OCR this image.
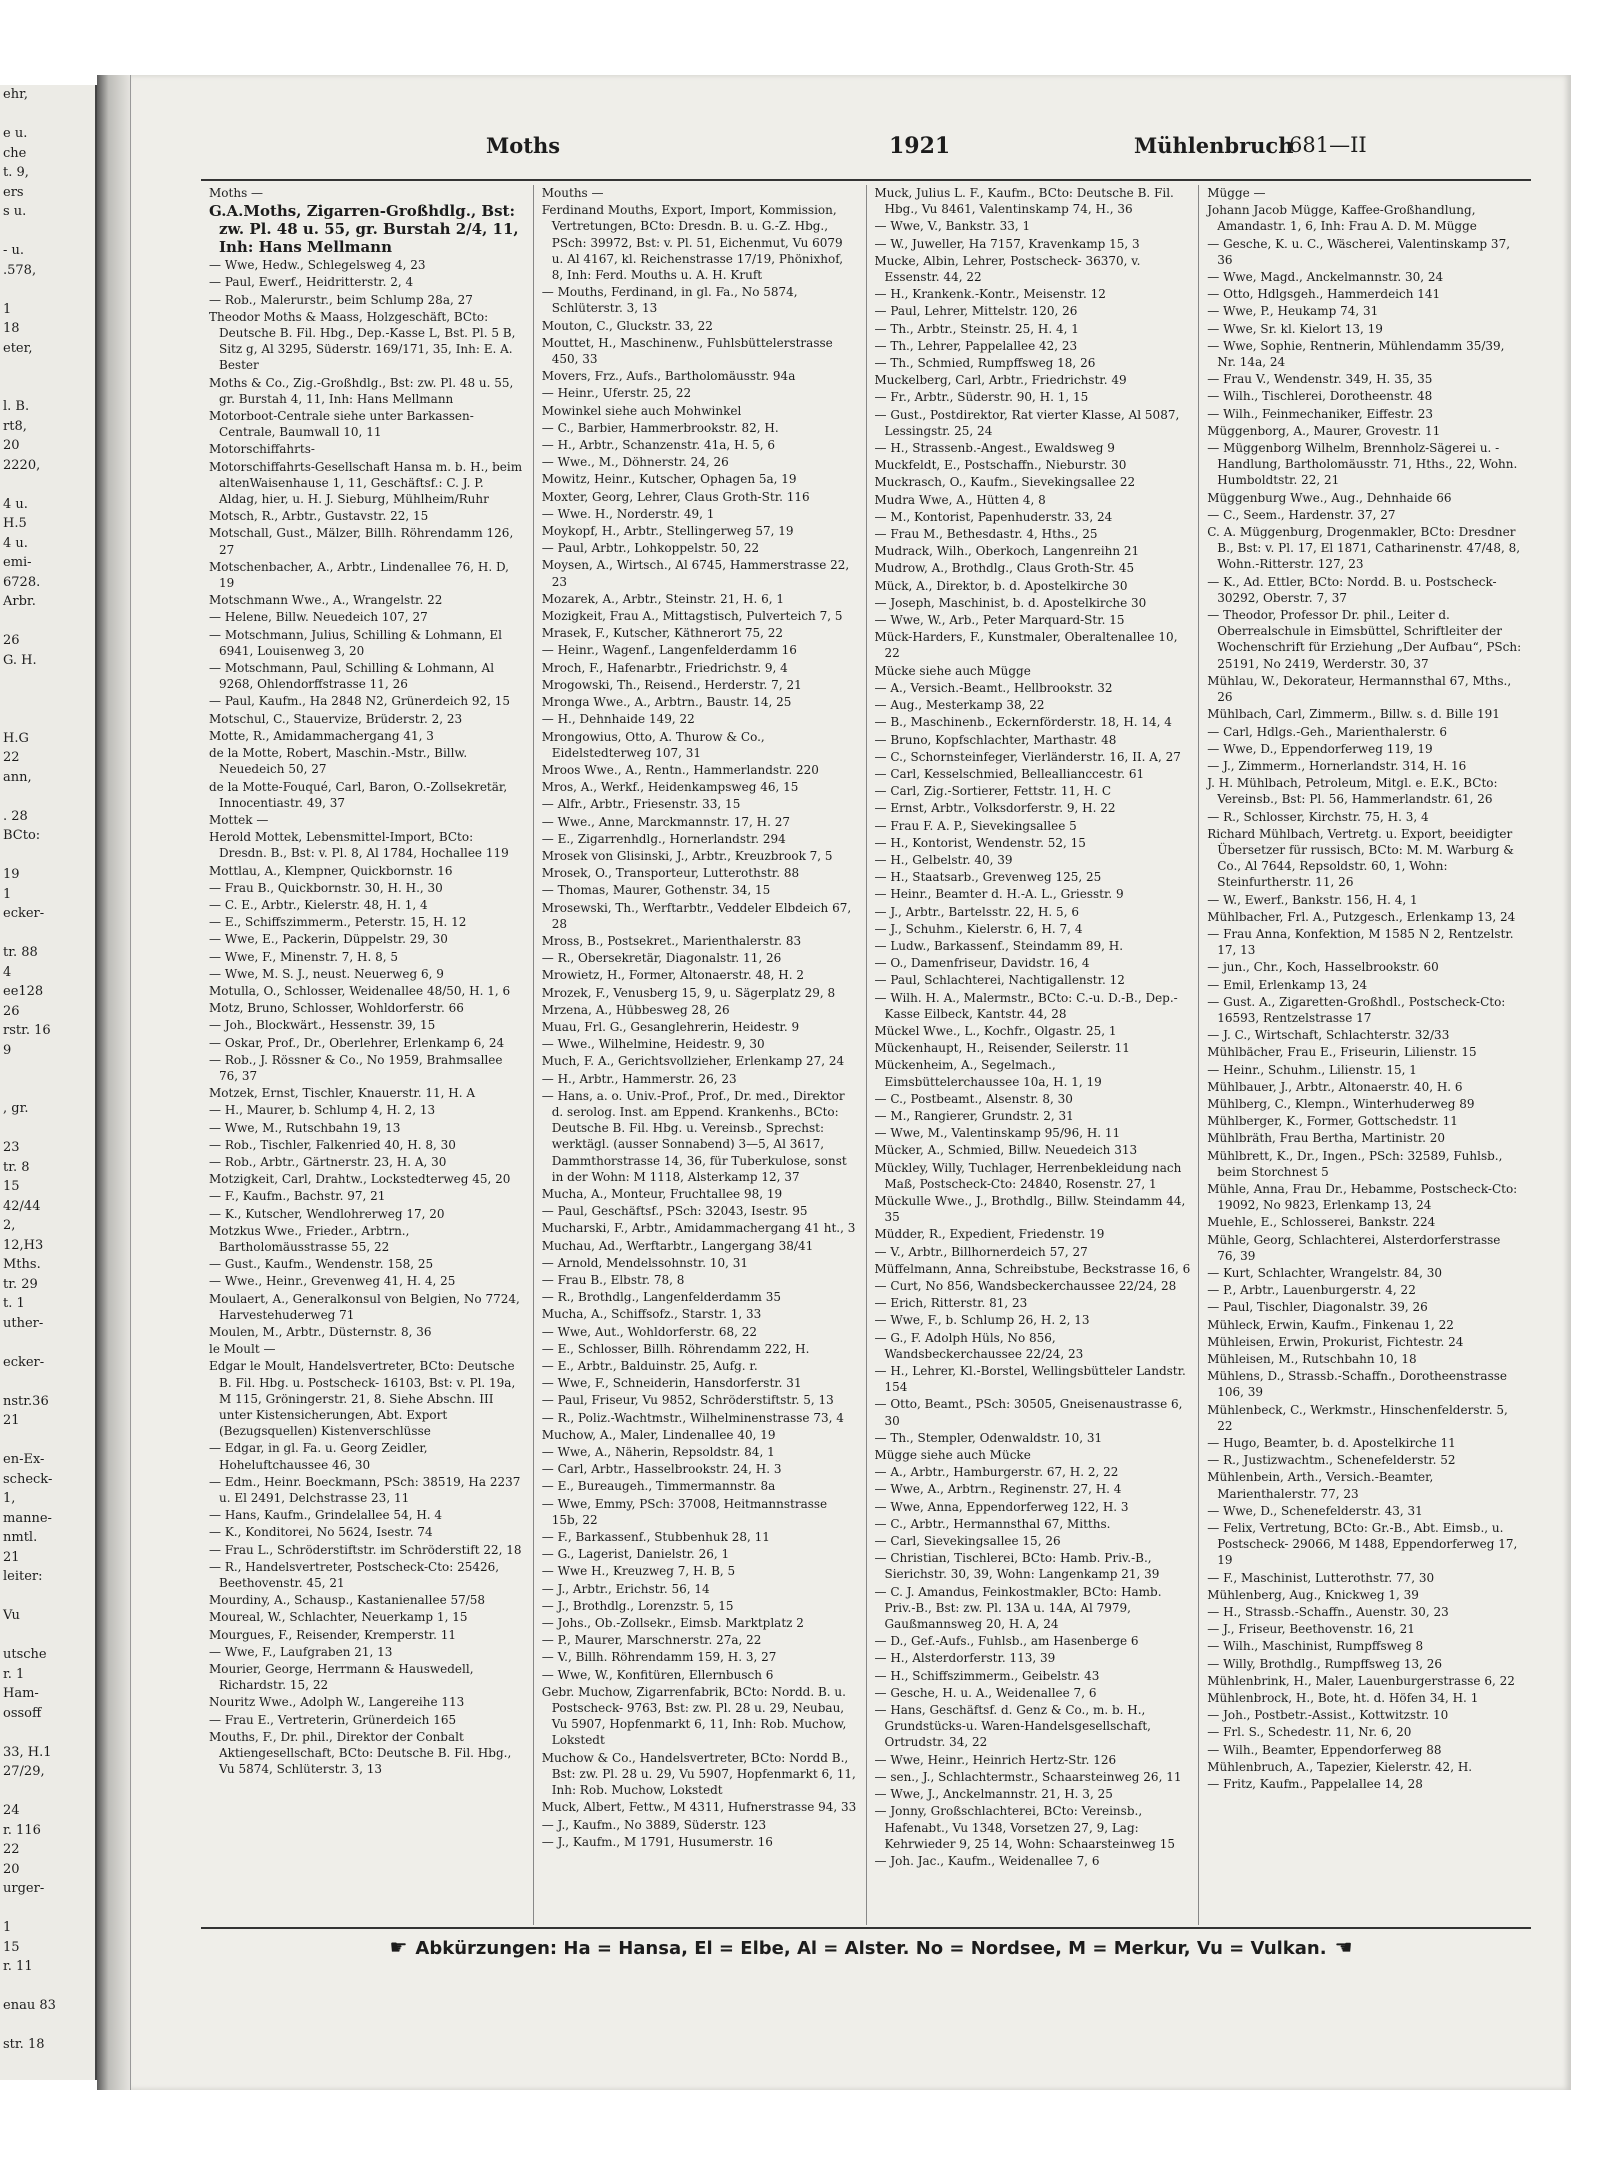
ehr,

e u.
che
t. 9,
ers
s u.

- u.
.578,

1
18
eter,

l. B.
rt8,
20
2220,

4 u.
H.5
4 u.
emi-
6728.
Arbr.

26
G. H.

H.G
22
ann,

. 28
BCto:

19
1
ecker-

tr. 88
4
ee128
26
rstr. 16
9

, gr.

23
tr. 8
15
42/44
2,
12,H3
Mths.
tr. 29
t. 1
uther-

ecker-

nstr.36
21

en-Ex-
scheck-
1,
manne-
nmtl.
21
leiter:

Vu

utsche
r. 1
Ham-
ossoff

33, H.1
27/29,

24
r. 116
22
20
urger-

1
15
r. 11

enau 83

str. 18
Moths	1921	Mühlenbruch
681—II
Moths —
G.A.Moths, Zigarren-Großhdlg., Bst: zw. Pl. 48 u. 55, gr. Burstah 2/4, 11, Inh: Hans Mellmann
— Wwe, Hedw., Schlegelsweg 4, 23
— Paul, Ewerf., Heidritterstr. 2, 4
— Rob., Malerurstr., beim Schlump 28a, 27
Theodor Moths & Maass, Holzgeschäft, BCto: Deutsche B. Fil. Hbg., Dep.-Kasse L, Bst. Pl. 5 B, Sitz g, Al 3295, Süderstr. 169/171, 35, Inh: E. A. Bester
Moths & Co., Zig.-Großhdlg., Bst: zw. Pl. 48 u. 55, gr. Burstah 4, 11, Inh: Hans Mellmann
Motorboot-Centrale siehe unter Barkassen-Centrale, Baumwall 10, 11
Motorschiffahrts-
Motorschiffahrts-Gesellschaft Hansa m. b. H., beim altenWaisenhause 1, 11, Geschäftsf.: C. J. P. Aldag, hier, u. H. J. Sieburg, Mühlheim/Ruhr
Motsch, R., Arbtr., Gustavstr. 22, 15
Motschall, Gust., Mälzer, Billh. Röhrendamm 126, 27
Motschenbacher, A., Arbtr., Lindenallee 76, H. D, 19
Motschmann Wwe., A., Wrangelstr. 22
— Helene, Billw. Neuedeich 107, 27
— Motschmann, Julius, Schilling & Lohmann, El 6941, Louisenweg 3, 20
— Motschmann, Paul, Schilling & Lohmann, Al 9268, Ohlendorffstrasse 11, 26
— Paul, Kaufm., Ha 2848 N2, Grünerdeich 92, 15
Motschul, C., Stauervize, Brüderstr. 2, 23
Motte, R., Amidammachergang 41, 3
de la Motte, Robert, Maschin.-Mstr., Billw. Neuedeich 50, 27
de la Motte-Fouqué, Carl, Baron, O.-Zollsekretär, Innocentiastr. 49, 37
Mottek —
Herold Mottek, Lebensmittel-Import, BCto: Dresdn. B., Bst: v. Pl. 8, Al 1784, Hochallee 119
Mottlau, A., Klempner, Quickbornstr. 16
— Frau B., Quickbornstr. 30, H. H., 30
— C. E., Arbtr., Kielerstr. 48, H. 1, 4
— E., Schiffszimmerm., Peterstr. 15, H. 12
— Wwe, E., Packerin, Düppelstr. 29, 30
— Wwe, F., Minenstr. 7, H. 8, 5
— Wwe, M. S. J., neust. Neuerweg 6, 9
Motulla, O., Schlosser, Weidenallee 48/50, H. 1, 6
Motz, Bruno, Schlosser, Wohldorferstr. 66
— Joh., Blockwärt., Hessenstr. 39, 15
— Oskar, Prof., Dr., Oberlehrer, Erlenkamp 6, 24
— Rob., J. Rössner & Co., No 1959, Brahmsallee 76, 37
Motzek, Ernst, Tischler, Knauerstr. 11, H. A
— H., Maurer, b. Schlump 4, H. 2, 13
— Wwe, M., Rutschbahn 19, 13
— Rob., Tischler, Falkenried 40, H. 8, 30
— Rob., Arbtr., Gärtnerstr. 23, H. A, 30
Motzigkeit, Carl, Drahtw., Lockstedterweg 45, 20
— F., Kaufm., Bachstr. 97, 21
— K., Kutscher, Wendlohrerweg 17, 20
Motzkus Wwe., Frieder., Arbtrn., Bartholomäusstrasse 55, 22
— Gust., Kaufm., Wendenstr. 158, 25
— Wwe., Heinr., Grevenweg 41, H. 4, 25
Moulaert, A., Generalkonsul von Belgien, No 7724, Harvestehuderweg 71
Moulen, M., Arbtr., Düsternstr. 8, 36
le Moult —
Edgar le Moult, Handelsvertreter, BCto: Deutsche B. Fil. Hbg. u. Postscheck- 16103, Bst: v. Pl. 19a, M 115, Gröningerstr. 21, 8. Siehe Abschn. III unter Kistensicherungen, Abt. Export (Bezugsquellen) Kistenverschlüsse
— Edgar, in gl. Fa. u. Georg Zeidler, Hoheluftchaussee 46, 30
— Edm., Heinr. Boeckmann, PSch: 38519, Ha 2237 u. El 2491, Delchstrasse 23, 11
— Hans, Kaufm., Grindelallee 54, H. 4
— K., Konditorei, No 5624, Isestr. 74
— Frau L., Schröderstiftstr. im Schröderstift 22, 18
— R., Handelsvertreter, Postscheck-Cto: 25426, Beethovenstr. 45, 21
Mourdiny, A., Schausp., Kastanienallee 57/58
Moureal, W., Schlachter, Neuerkamp 1, 15
Mourgues, F., Reisender, Kremperstr. 11
— Wwe, F., Laufgraben 21, 13
Mourier, George, Herrmann & Hauswedell, Richardstr. 15, 22
Nouritz Wwe., Adolph W., Langereihe 113
— Frau E., Vertreterin, Grünerdeich 165
Mouths, F., Dr. phil., Direktor der Conbalt Aktiengesellschaft, BCto: Deutsche B. Fil. Hbg., Vu 5874, Schlüterstr. 3, 13
Mouths —
Ferdinand Mouths, Export, Import, Kommission, Vertretungen, BCto: Dresdn. B. u. G.-Z. Hbg., PSch: 39972, Bst: v. Pl. 51, Eichenmut, Vu 6079 u. Al 4167, kl. Reichenstrasse 17/19, Phönixhof, 8, Inh: Ferd. Mouths u. A. H. Kruft
— Mouths, Ferdinand, in gl. Fa., No 5874, Schlüterstr. 3, 13
Mouton, C., Gluckstr. 33, 22
Mouttet, H., Maschinenw., Fuhlsbüttelerstrasse 450, 33
Movers, Frz., Aufs., Bartholomäusstr. 94a
— Heinr., Uferstr. 25, 22
Mowinkel siehe auch Mohwinkel
— C., Barbier, Hammerbrookstr. 82, H.
— H., Arbtr., Schanzenstr. 41a, H. 5, 6
— Wwe., M., Döhnerstr. 24, 26
Mowitz, Heinr., Kutscher, Ophagen 5a, 19
Moxter, Georg, Lehrer, Claus Groth-Str. 116
— Wwe. H., Norderstr. 49, 1
Moykopf, H., Arbtr., Stellingerweg 57, 19
— Paul, Arbtr., Lohkoppelstr. 50, 22
Moysen, A., Wirtsch., Al 6745, Hammerstrasse 22, 23
Mozarek, A., Arbtr., Steinstr. 21, H. 6, 1
Mozigkeit, Frau A., Mittagstisch, Pulverteich 7, 5
Mrasek, F., Kutscher, Käthnerort 75, 22
— Heinr., Wagenf., Langenfelderdamm 16
Mroch, F., Hafenarbtr., Friedrichstr. 9, 4
Mrogowski, Th., Reisend., Herderstr. 7, 21
Mronga Wwe., A., Arbtrn., Baustr. 14, 25
— H., Dehnhaide 149, 22
Mrongowius, Otto, A. Thurow & Co., Eidelstedterweg 107, 31
Mroos Wwe., A., Rentn., Hammerlandstr. 220
Mros, A., Werkf., Heidenkampsweg 46, 15
— Alfr., Arbtr., Friesenstr. 33, 15
— Wwe., Anne, Marckmannstr. 17, H. 27
— E., Zigarrenhdlg., Hornerlandstr. 294
Mrosek von Glisinski, J., Arbtr., Kreuzbrook 7, 5
Mrosek, O., Transporteur, Lutterothstr. 88
— Thomas, Maurer, Gothenstr. 34, 15
Mrosewski, Th., Werftarbtr., Veddeler Elbdeich 67, 28
Mross, B., Postsekret., Marienthalerstr. 83
— R., Obersekretär, Diagonalstr. 11, 26
Mrowietz, H., Former, Altonaerstr. 48, H. 2
Mrozek, F., Venusberg 15, 9, u. Sägerplatz 29, 8
Mrzena, A., Hübbesweg 28, 26
Muau, Frl. G., Gesanglehrerin, Heidestr. 9
— Wwe., Wilhelmine, Heidestr. 9, 30
Much, F. A., Gerichtsvollzieher, Erlenkamp 27, 24
— H., Arbtr., Hammerstr. 26, 23
— Hans, a. o. Univ.-Prof., Prof., Dr. med., Direktor d. serolog. Inst. am Eppend. Krankenhs., BCto: Deutsche B. Fil. Hbg. u. Vereinsb., Sprechst: werktägl. (ausser Sonnabend) 3—5, Al 3617, Dammthorstrasse 14, 36, für Tuberkulose, sonst in der Wohn: M 1118, Alsterkamp 12, 37
Mucha, A., Monteur, Fruchtallee 98, 19
— Paul, Geschäftsf., PSch: 32043, Isestr. 95
Mucharski, F., Arbtr., Amidammachergang 41 ht., 3
Muchau, Ad., Werftarbtr., Langergang 38/41
— Arnold, Mendelssohnstr. 10, 31
— Frau B., Elbstr. 78, 8
— R., Brothdlg., Langenfelderdamm 35
Mucha, A., Schiffsofz., Starstr. 1, 33
— Wwe, Aut., Wohldorferstr. 68, 22
— E., Schlosser, Billh. Röhrendamm 222, H.
— E., Arbtr., Balduinstr. 25, Aufg. r.
— Wwe, F., Schneiderin, Hansdorferstr. 31
— Paul, Friseur, Vu 9852, Schröderstiftstr. 5, 13
— R., Poliz.-Wachtmstr., Wilhelminenstrasse 73, 4
Muchow, A., Maler, Lindenallee 40, 19
— Wwe, A., Näherin, Repsoldstr. 84, 1
— Carl, Arbtr., Hasselbrookstr. 24, H. 3
— E., Bureaugeh., Timmermannstr. 8a
— Wwe, Emmy, PSch: 37008, Heitmannstrasse 15b, 22
— F., Barkassenf., Stubbenhuk 28, 11
— G., Lagerist, Danielstr. 26, 1
— Wwe H., Kreuzweg 7, H. B, 5
— J., Arbtr., Erichstr. 56, 14
— J., Brothdlg., Lorenzstr. 5, 15
— Johs., Ob.-Zollsekr., Eimsb. Marktplatz 2
— P., Maurer, Marschnerstr. 27a, 22
— V., Billh. Röhrendamm 159, H. 3, 27
— Wwe, W., Konfitüren, Ellernbusch 6
Gebr. Muchow, Zigarrenfabrik, BCto: Nordd. B. u. Postscheck- 9763, Bst: zw. Pl. 28 u. 29, Neubau, Vu 5907, Hopfenmarkt 6, 11, Inh: Rob. Muchow, Lokstedt
Muchow & Co., Handelsvertreter, BCto: Nordd B., Bst: zw. Pl. 28 u. 29, Vu 5907, Hopfenmarkt 6, 11, Inh: Rob. Muchow, Lokstedt
Muck, Albert, Fettw., M 4311, Hufnerstrasse 94, 33
— J., Kaufm., No 3889, Süderstr. 123
— J., Kaufm., M 1791, Husumerstr. 16
Muck, Julius L. F., Kaufm., BCto: Deutsche B. Fil. Hbg., Vu 8461, Valentinskamp 74, H., 36
— Wwe, V., Bankstr. 33, 1
— W., Juweller, Ha 7157, Kravenkamp 15, 3
Mucke, Albin, Lehrer, Postscheck- 36370, v. Essenstr. 44, 22
— H., Krankenk.-Kontr., Meisenstr. 12
— Paul, Lehrer, Mittelstr. 120, 26
— Th., Arbtr., Steinstr. 25, H. 4, 1
— Th., Lehrer, Pappelallee 42, 23
— Th., Schmied, Rumpffsweg 18, 26
Muckelberg, Carl, Arbtr., Friedrichstr. 49
— Fr., Arbtr., Süderstr. 90, H. 1, 15
— Gust., Postdirektor, Rat vierter Klasse, Al 5087, Lessingstr. 25, 24
— H., Strassenb.-Angest., Ewaldsweg 9
Muckfeldt, E., Postschaffn., Nieburstr. 30
Muckrasch, O., Kaufm., Sievekingsallee 22
Mudra Wwe, A., Hütten 4, 8
— M., Kontorist, Papenhuderstr. 33, 24
— Frau M., Bethesdastr. 4, Hths., 25
Mudrack, Wilh., Oberkoch, Langenreihn 21
Mudrow, A., Brothdlg., Claus Groth-Str. 45
Mück, A., Direktor, b. d. Apostelkirche 30
— Joseph, Maschinist, b. d. Apostelkirche 30
— Wwe, W., Arb., Peter Marquard-Str. 15
Mück-Harders, F., Kunstmaler, Oberaltenallee 10, 22
Mücke siehe auch Mügge
— A., Versich.-Beamt., Hellbrookstr. 32
— Aug., Mesterkamp 38, 22
— B., Maschinenb., Eckernförderstr. 18, H. 14, 4
— Bruno, Kopfschlachter, Marthastr. 48
— C., Schornsteinfeger, Vierländerstr. 16, II. A, 27
— Carl, Kesselschmied, Belleallianccestr. 61
— Carl, Zig.-Sortierer, Fettstr. 11, H. C
— Ernst, Arbtr., Volksdorferstr. 9, H. 22
— Frau F. A. P., Sievekingsallee 5
— H., Kontorist, Wendenstr. 52, 15
— H., Gelbelstr. 40, 39
— H., Staatsarb., Grevenweg 125, 25
— Heinr., Beamter d. H.-A. L., Griesstr. 9
— J., Arbtr., Bartelsstr. 22, H. 5, 6
— J., Schuhm., Kielerstr. 6, H. 7, 4
— Ludw., Barkassenf., Steindamm 89, H.
— O., Damenfriseur, Davidstr. 16, 4
— Paul, Schlachterei, Nachtigallenstr. 12
— Wilh. H. A., Malermstr., BCto: C.-u. D.-B., Dep.-Kasse Eilbeck, Kantstr. 44, 28
Mückel Wwe., L., Kochfr., Olgastr. 25, 1
Mückenhaupt, H., Reisender, Seilerstr. 11
Mückenheim, A., Segelmach., Eimsbüttelerchaussee 10a, H. 1, 19
— C., Postbeamt., Alsenstr. 8, 30
— M., Rangierer, Grundstr. 2, 31
— Wwe, M., Valentinskamp 95/96, H. 11
Mücker, A., Schmied, Billw. Neuedeich 313
Mückley, Willy, Tuchlager, Herrenbekleidung nach Maß, Postscheck-Cto: 24840, Rosenstr. 27, 1
Mückulle Wwe., J., Brothdlg., Billw. Steindamm 44, 35
Müdder, R., Expedient, Friedenstr. 19
— V., Arbtr., Billhornerdeich 57, 27
Müffelmann, Anna, Schreibstube, Beckstrasse 16, 6
— Curt, No 856, Wandsbeckerchaussee 22/24, 28
— Erich, Ritterstr. 81, 23
— Wwe, F., b. Schlump 26, H. 2, 13
— G., F. Adolph Hüls, No 856, Wandsbeckerchaussee 22/24, 23
— H., Lehrer, Kl.-Borstel, Wellingsbütteler Landstr. 154
— Otto, Beamt., PSch: 30505, Gneisenaustrasse 6, 30
— Th., Stempler, Odenwaldstr. 10, 31
Mügge siehe auch Mücke
— A., Arbtr., Hamburgerstr. 67, H. 2, 22
— Wwe, A., Arbtrn., Reginenstr. 27, H. 4
— Wwe, Anna, Eppendorferweg 122, H. 3
— C., Arbtr., Hermannsthal 67, Mitths.
— Carl, Sievekingsallee 15, 26
— Christian, Tischlerei, BCto: Hamb. Priv.-B., Sierichstr. 30, 39, Wohn: Langenkamp 21, 39
— C. J. Amandus, Feinkostmakler, BCto: Hamb. Priv.-B., Bst: zw. Pl. 13A u. 14A, Al 7979, Gaußmannsweg 20, H. A, 24
— D., Gef.-Aufs., Fuhlsb., am Hasenberge 6
— H., Alsterdorferstr. 113, 39
— H., Schiffszimmerm., Geibelstr. 43
— Gesche, H. u. A., Weidenallee 7, 6
— Hans, Geschäftsf. d. Genz & Co., m. b. H., Grundstücks-u. Waren-Handelsgesellschaft, Ortrudstr. 34, 22
— Wwe, Heinr., Heinrich Hertz-Str. 126
— sen., J., Schlachtermstr., Schaarsteinweg 26, 11
— Wwe, J., Anckelmannstr. 21, H. 3, 25
— Jonny, Großschlachterei, BCto: Vereinsb., Hafenabt., Vu 1348, Vorsetzen 27, 9, Lag: Kehrwieder 9, 25 14, Wohn: Schaarsteinweg 15
— Joh. Jac., Kaufm., Weidenallee 7, 6
Mügge —
Johann Jacob Mügge, Kaffee-Großhandlung, Amandastr. 1, 6, Inh: Frau A. D. M. Mügge
— Gesche, K. u. C., Wäscherei, Valentinskamp 37, 36
— Wwe, Magd., Anckelmannstr. 30, 24
— Otto, Hdlgsgeh., Hammerdeich 141
— Wwe, P., Heukamp 74, 31
— Wwe, Sr. kl. Kielort 13, 19
— Wwe, Sophie, Rentnerin, Mühlendamm 35/39, Nr. 14a, 24
— Frau V., Wendenstr. 349, H. 35, 35
— Wilh., Tischlerei, Dorotheenstr. 48
— Wilh., Feinmechaniker, Eiffestr. 23
Müggenborg, A., Maurer, Grovestr. 11
— Müggenborg Wilhelm, Brennholz-Sägerei u. -Handlung, Bartholomäusstr. 71, Hths., 22, Wohn. Humboldtstr. 22, 21
Müggenburg Wwe., Aug., Dehnhaide 66
— C., Seem., Hardenstr. 37, 27
C. A. Müggenburg, Drogenmakler, BCto: Dresdner B., Bst: v. Pl. 17, El 1871, Catharinenstr. 47/48, 8, Wohn.-Ritterstr. 127, 23
— K., Ad. Ettler, BCto: Nordd. B. u. Postscheck- 30292, Oberstr. 7, 37
— Theodor, Professor Dr. phil., Leiter d. Oberrealschule in Eimsbüttel, Schriftleiter der Wochenschrift für Erziehung „Der Aufbau“, PSch: 25191, No 2419, Werderstr. 30, 37
Mühlau, W., Dekorateur, Hermannsthal 67, Mths., 26
Mühlbach, Carl, Zimmerm., Billw. s. d. Bille 191
— Carl, Hdlgs.-Geh., Marienthalerstr. 6
— Wwe, D., Eppendorferweg 119, 19
— J., Zimmerm., Hornerlandstr. 314, H. 16
J. H. Mühlbach, Petroleum, Mitgl. e. E.K., BCto: Vereinsb., Bst: Pl. 56, Hammerlandstr. 61, 26
— R., Schlosser, Kirchstr. 75, H. 3, 4
Richard Mühlbach, Vertretg. u. Export, beeidigter Übersetzer für russisch, BCto: M. M. Warburg & Co., Al 7644, Repsoldstr. 60, 1, Wohn: Steinfurtherstr. 11, 26
— W., Ewerf., Bankstr. 156, H. 4, 1
Mühlbacher, Frl. A., Putzgesch., Erlenkamp 13, 24
— Frau Anna, Konfektion, M 1585 N 2, Rentzelstr. 17, 13
— jun., Chr., Koch, Hasselbrookstr. 60
— Emil, Erlenkamp 13, 24
— Gust. A., Zigaretten-Großhdl., Postscheck-Cto: 16593, Rentzelstrasse 17
— J. C., Wirtschaft, Schlachterstr. 32/33
Mühlbächer, Frau E., Friseurin, Lilienstr. 15
— Heinr., Schuhm., Lilienstr. 15, 1
Mühlbauer, J., Arbtr., Altonaerstr. 40, H. 6
Mühlberg, C., Klempn., Winterhuderweg 89
Mühlberger, K., Former, Gottschedstr. 11
Mühlbräth, Frau Bertha, Martinistr. 20
Mühlbrett, K., Dr., Ingen., PSch: 32589, Fuhlsb., beim Storchnest 5
Mühle, Anna, Frau Dr., Hebamme, Postscheck-Cto: 19092, No 9823, Erlenkamp 13, 24
Muehle, E., Schlosserei, Bankstr. 224
Mühle, Georg, Schlachterei, Alsterdorferstrasse 76, 39
— Kurt, Schlachter, Wrangelstr. 84, 30
— P., Arbtr., Lauenburgerstr. 4, 22
— Paul, Tischler, Diagonalstr. 39, 26
Mühleck, Erwin, Kaufm., Finkenau 1, 22
Mühleisen, Erwin, Prokurist, Fichtestr. 24
Mühleisen, M., Rutschbahn 10, 18
Mühlens, D., Strassb.-Schaffn., Dorotheenstrasse 106, 39
Mühlenbeck, C., Werkmstr., Hinschenfelderstr. 5, 22
— Hugo, Beamter, b. d. Apostelkirche 11
— R., Justizwachtm., Schenefelderstr. 52
Mühlenbein, Arth., Versich.-Beamter, Marienthalerstr. 77, 23
— Wwe, D., Schenefelderstr. 43, 31
— Felix, Vertretung, BCto: Gr.-B., Abt. Eimsb., u. Postscheck- 29066, M 1488, Eppendorferweg 17, 19
— F., Maschinist, Lutterothstr. 77, 30
Mühlenberg, Aug., Knickweg 1, 39
— H., Strassb.-Schaffn., Auenstr. 30, 23
— J., Friseur, Beethovenstr. 16, 21
— Wilh., Maschinist, Rumpffsweg 8
— Willy, Brothdlg., Rumpffsweg 13, 26
Mühlenbrink, H., Maler, Lauenburgerstrasse 6, 22
Mühlenbrock, H., Bote, ht. d. Höfen 34, H. 1
— Joh., Postbetr.-Assist., Kottwitzstr. 10
— Frl. S., Schedestr. 11, Nr. 6, 20
— Wilh., Beamter, Eppendorferweg 88
Mühlenbruch, A., Tapezier, Kielerstr. 42, H.
— Fritz, Kaufm., Pappelallee 14, 28
☛ Abkürzungen: Ha = Hansa, El = Elbe, Al = Alster. No = Nordsee, M = Merkur, Vu = Vulkan. ☚
